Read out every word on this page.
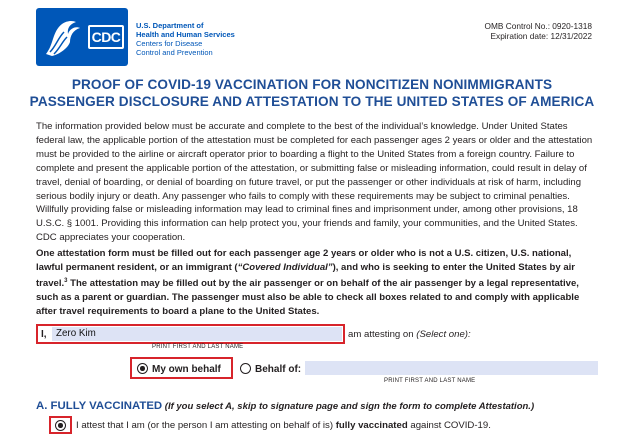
CDC
U.S. Department of
Health and Human Services
Centers for Disease
Control and Prevention
OMB Control No.: 0920-1318
Expiration date: 12/31/2022
PROOF OF COVID-19 VACCINATION FOR NONCITIZEN NONIMMIGRANTS
PASSENGER DISCLOSURE AND ATTESTATION TO THE UNITED STATES OF AMERICA

The information provided below must be accurate and complete to the best of the individual’s knowledge. Under United States federal law, the applicable portion of the attestation must be completed for each passenger ages 2 years or older and the attestation must be provided to the airline or aircraft operator prior to boarding a flight to the United States from a foreign country. Failure to complete and present the applicable portion of the attestation, or submitting false or misleading information, could result in delay of travel, denial of boarding, or denial of boarding on future travel, or put the passenger or other individuals at risk of harm, including serious bodily injury or death. Any passenger who fails to comply with these requirements may be subject to criminal penalties. Willfully providing false or misleading information may lead to criminal fines and imprisonment under, among other provisions, 18 U.S.C. § 1001. Providing this information can help protect you, your friends and family, your communities, and the United States. CDC appreciates your cooperation.

One attestation form must be filled out for each passenger age 2 years or older who is not a U.S. citizen, U.S. national, lawful permanent resident, or an immigrant (“Covered Individual”), and who is seeking to enter the United States by air travel.$^3$ The attestation may be filled out by the air passenger or on behalf of the air passenger by a legal representative, such as a parent or guardian. The passenger must also be able to check all boxes related to and comply with applicable after travel requirements to board a plane to the United States.

I, Zero Kim	am attesting on (Select one):
PRINT FIRST AND LAST NAME
My own behalf	Behalf of:
PRINT FIRST AND LAST NAME
A. FULLY VACCINATED (If you select A, skip to signature page and sign the form to complete Attestation.)
I attest that I am (or the person I am attesting on behalf of is) fully vaccinated against COVID-19.
